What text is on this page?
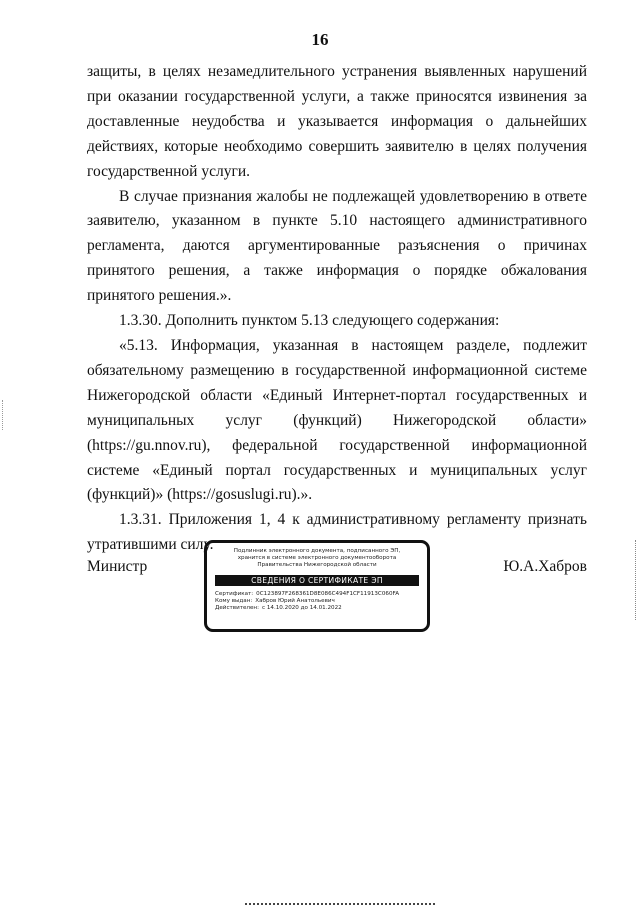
16

защиты, в целях незамедлительного устранения выявленных нарушений при оказании государственной услуги, а также приносятся извинения за доставленные неудобства и указывается информация о дальнейших действиях, которые необходимо совершить заявителю в целях получения государственной услуги.

В случае признания жалобы не подлежащей удовлетворению в ответе заявителю, указанном в пункте 5.10 настоящего административного регламента, даются аргументированные разъяснения о причинах принятого решения, а также информация о порядке обжалования принятого решения.».

1.3.30. Дополнить пунктом 5.13 следующего содержания:

«5.13. Информация, указанная в настоящем разделе, подлежит обязательному размещению в государственной информационной системе Нижегородской области «Единый Интернет-портал государственных и муниципальных услуг (функций) Нижегородской области» (https://gu.nnov.ru), федеральной государственной информационной системе «Единый портал государственных и муниципальных услуг (функций)» (https://gosuslugi.ru).».

1.3.31. Приложения 1, 4 к административному регламенту признать утратившими силу.

Министр
Подлинник электронного документа, подписанного ЭП,
хранится в системе электронного документооборота
Правительства Нижегородской области
СВЕДЕНИЯ О СЕРТИФИКАТЕ ЭП
Сертификат: 0C123897F268361D8E086C494F1CF11913C060FA
Кому выдан: Хабров Юрий Анатольевич
Действителен: с 14.10.2020 до 14.01.2022
Ю.А.Хабров
